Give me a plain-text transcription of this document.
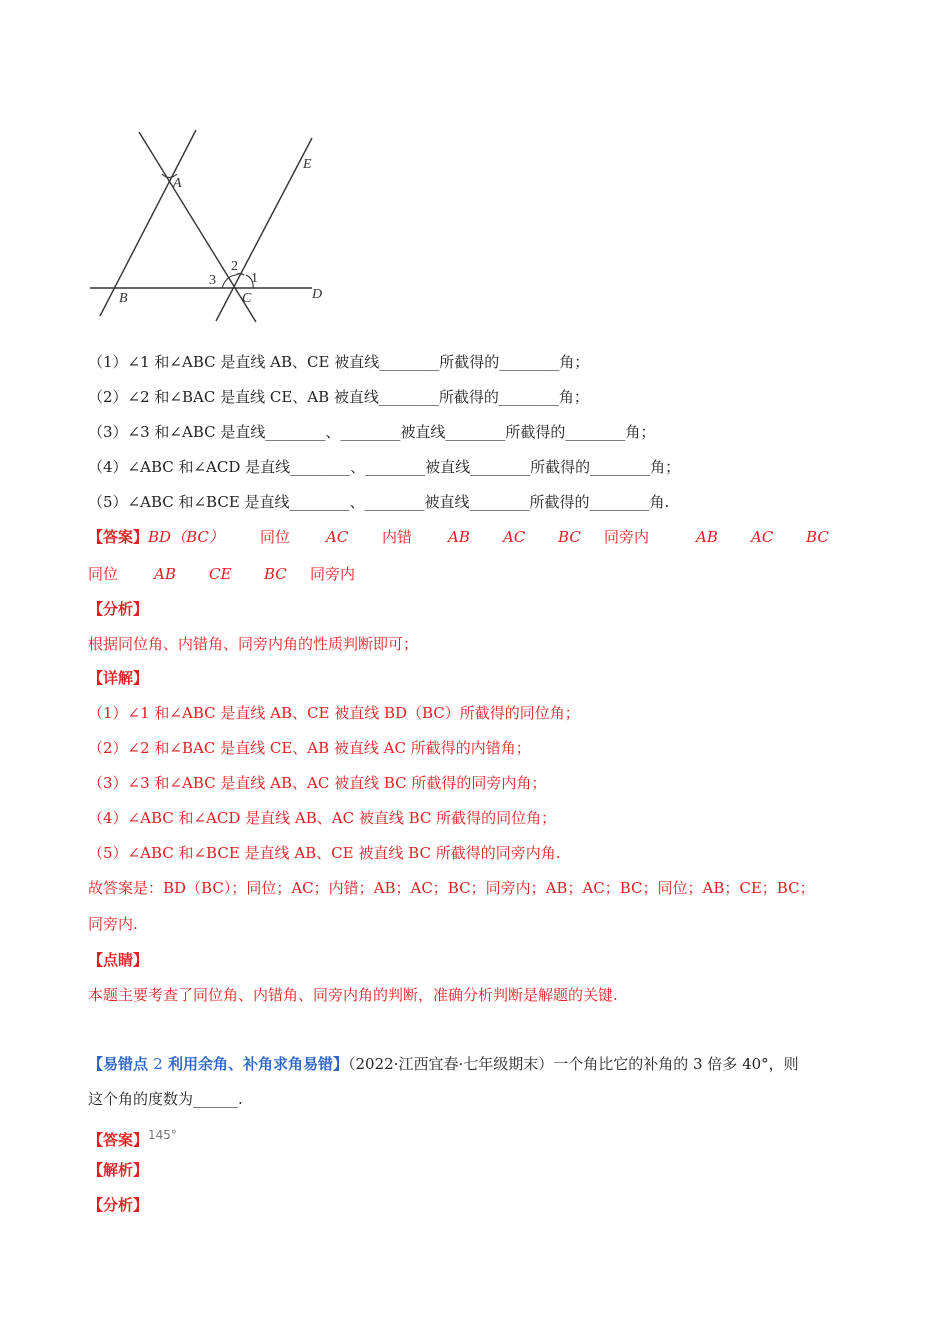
A
B	C	D
E
1
2
3
（1）∠1 和∠ABC 是直线 AB、CE 被直线________所截得的________角；
（2）∠2 和∠BAC 是直线 CE、AB 被直线________所截得的________角；
（3）∠3 和∠ABC 是直线________、________被直线________所截得的________角；
（4）∠ABC 和∠ACD 是直线________、________被直线________所截得的________角；
（5）∠ABC 和∠BCE 是直线________、________被直线________所截得的________角.
【答案】BD（BC） 同位 AC 内错 AB AC BC 同旁内	AB AC BC
同位 AB CE BC 同旁内
【分析】
根据同位角、内错角、同旁内角的性质判断即可；
【详解】
（1）∠1 和∠ABC 是直线 AB、CE 被直线 BD（BC）所截得的同位角；
（2）∠2 和∠BAC 是直线 CE、AB 被直线 AC 所截得的内错角；
（3）∠3 和∠ABC 是直线 AB、AC 被直线 BC 所截得的同旁内角；
（4）∠ABC 和∠ACD 是直线 AB、AC 被直线 BC 所截得的同位角；
（5）∠ABC 和∠BCE 是直线 AB、CE 被直线 BC 所截得的同旁内角.
故答案是：BD（BC）；同位；AC；内错；AB；AC；BC；同旁内；AB；AC；BC；同位；AB；CE；BC；
同旁内.
【点睛】
本题主要考查了同位角、内错角、同旁内角的判断，准确分析判断是解题的关键.
【易错点 2 利用余角、补角求角易错】（2022·江西宜春·七年级期末）一个角比它的补角的 3 倍多 40°，则
这个角的度数为______.
【答案】$^{145^\circ}$
【解析】
【分析】
